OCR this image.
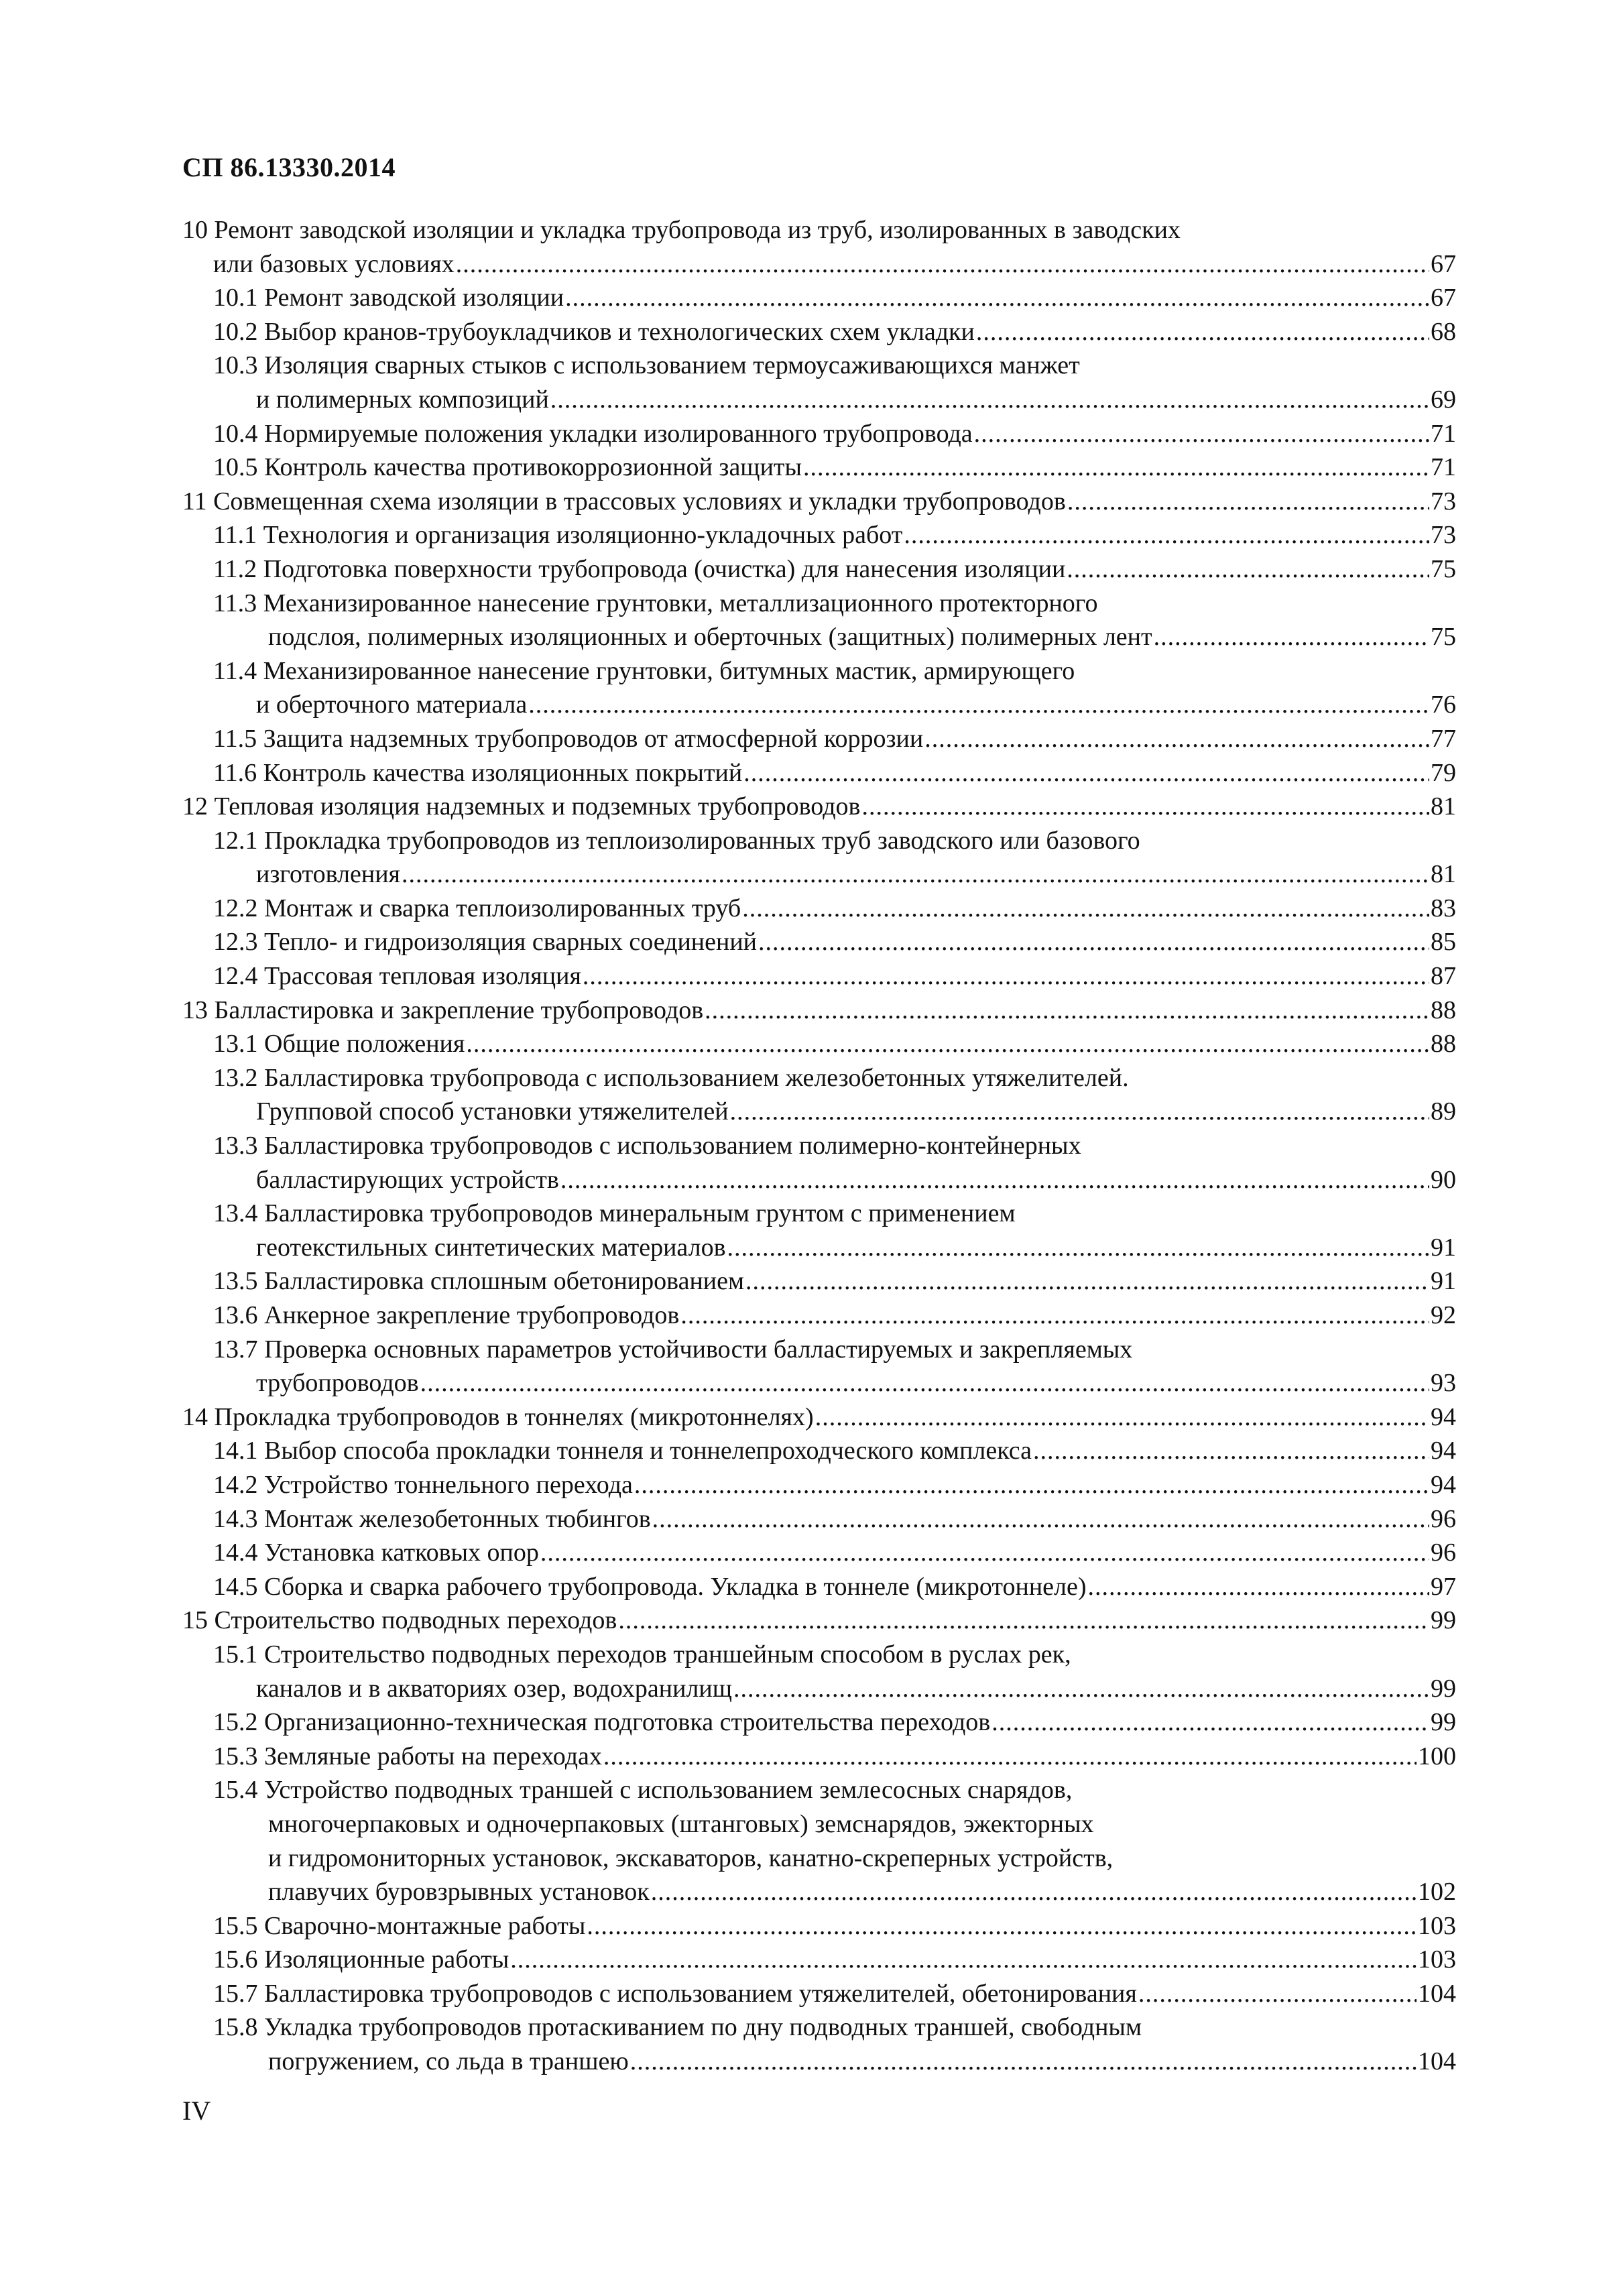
СП 86.13330.2014
10 Ремонт заводской изоляции и укладка трубопровода из труб, изолированных в заводских
или базовых условиях .....	67
10.1 Ремонт заводской изоляции .....	67
10.2 Выбор кранов-трубоукладчиков и технологических схем укладки .....	68
10.3 Изоляция сварных стыков с использованием термоусаживающихся манжет
и полимерных композиций .....	69
10.4 Нормируемые положения укладки изолированного трубопровода .....	71
10.5 Контроль качества противокоррозионной защиты .....	71
11 Совмещенная схема изоляции в трассовых условиях и укладки трубопроводов .....	73
11.1 Технология и организация изоляционно-укладочных работ .....	73
11.2 Подготовка поверхности трубопровода (очистка) для нанесения изоляции .....	75
11.3 Механизированное нанесение грунтовки, металлизационного протекторного
подслоя, полимерных изоляционных и оберточных (защитных) полимерных лент .....	75
11.4 Механизированное нанесение грунтовки, битумных мастик, армирующего
и оберточного материала .....	76
11.5 Защита надземных трубопроводов от атмосферной коррозии .....	77
11.6 Контроль качества изоляционных покрытий .....	79
12 Тепловая изоляция надземных и подземных трубопроводов .....	81
12.1 Прокладка трубопроводов из теплоизолированных труб заводского или базового
изготовления .....	81
12.2 Монтаж и сварка теплоизолированных труб .....	83
12.3 Тепло- и гидроизоляция сварных соединений .....	85
12.4 Трассовая тепловая изоляция .....	87
13 Балластировка и закрепление трубопроводов .....	88
13.1 Общие положения .....	88
13.2 Балластировка трубопровода с использованием железобетонных утяжелителей.
Групповой способ установки утяжелителей .....	89
13.3 Балластировка трубопроводов с использованием полимерно-контейнерных
балластирующих устройств .....	90
13.4 Балластировка трубопроводов минеральным грунтом с применением
геотекстильных синтетических материалов .....	91
13.5 Балластировка сплошным обетонированием .....	91
13.6 Анкерное закрепление трубопроводов .....	92
13.7 Проверка основных параметров устойчивости балластируемых и закрепляемых
трубопроводов .....	93
14 Прокладка трубопроводов в тоннелях (микротоннелях) .....	94
14.1 Выбор способа прокладки тоннеля и тоннелепроходческого комплекса .....	94
14.2 Устройство тоннельного перехода .....	94
14.3 Монтаж железобетонных тюбингов .....	96
14.4 Установка катковых опор .....	96
14.5 Сборка и сварка рабочего трубопровода. Укладка в тоннеле (микротоннеле) .....	97
15 Строительство подводных переходов .....	99
15.1 Строительство подводных переходов траншейным способом в руслах рек,
каналов и в акваториях озер, водохранилищ .....	99
15.2 Организационно-техническая подготовка строительства переходов .....	99
15.3 Земляные работы на переходах .....	100
15.4 Устройство подводных траншей с использованием землесосных снарядов,
многочерпаковых и одночерпаковых (штанговых) земснарядов, эжекторных
и гидромониторных установок, экскаваторов, канатно-скреперных устройств,
плавучих буровзрывных установок .....	102
15.5 Сварочно-монтажные работы .....	103
15.6 Изоляционные работы .....	103
15.7 Балластировка трубопроводов с использованием утяжелителей, обетонирования .....	104
15.8 Укладка трубопроводов протаскиванием по дну подводных траншей, свободным
погружением, со льда в траншею .....	104
IV
